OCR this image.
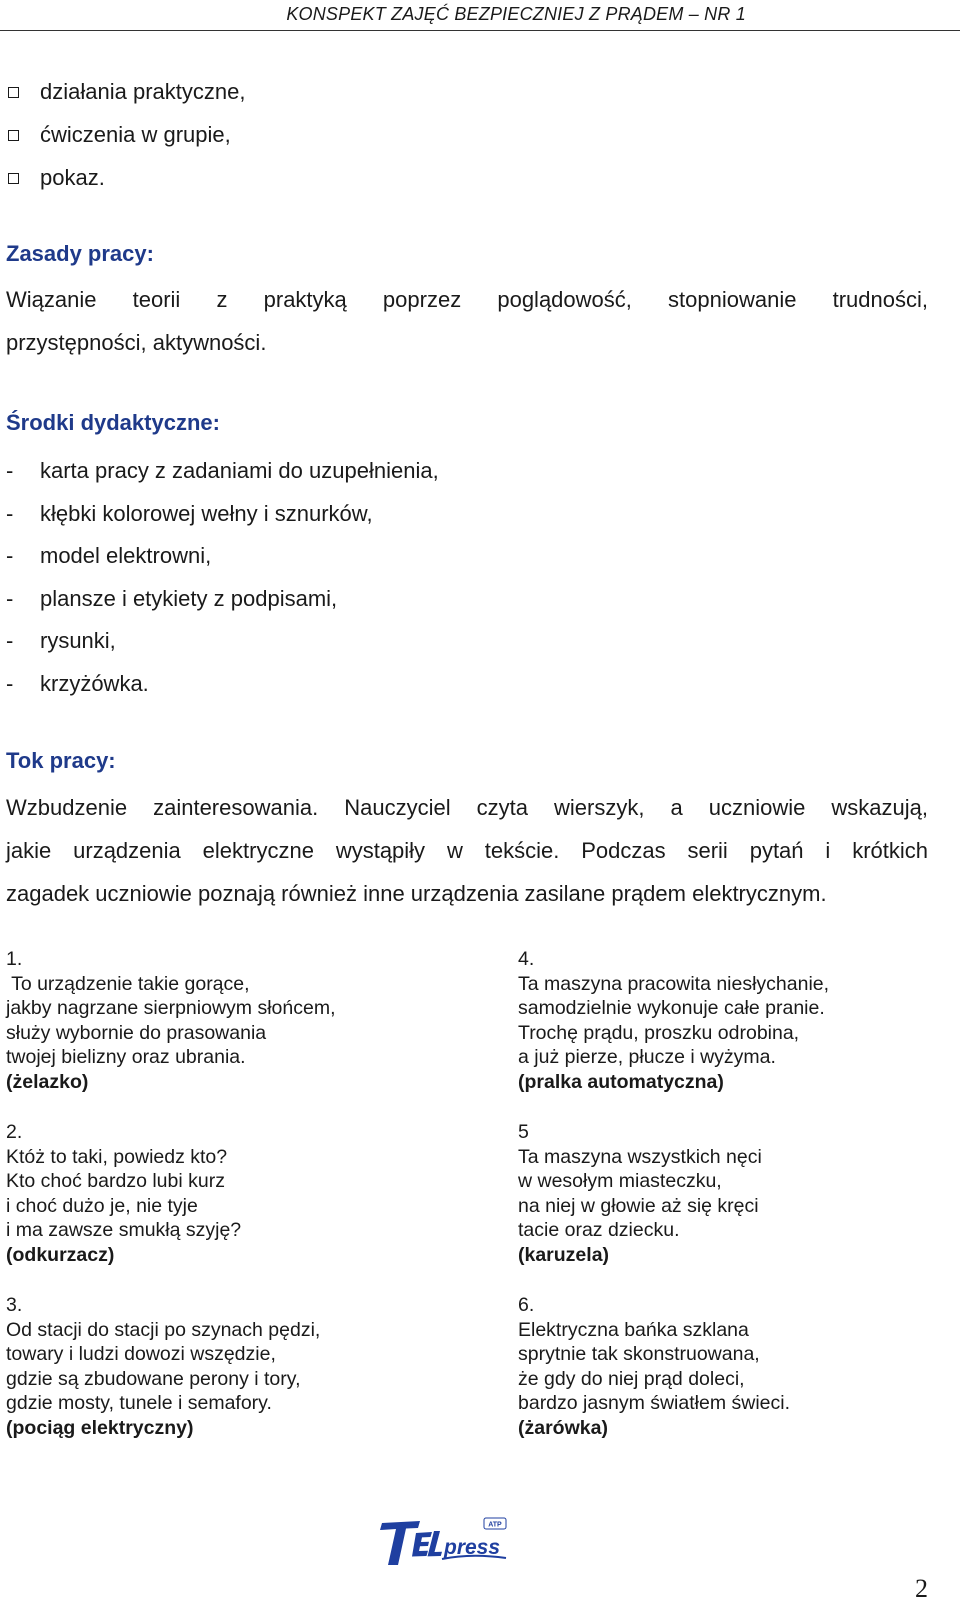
KONSPEKT ZAJĘĆ BEZPIECZNIEJ Z PRĄDEM – NR 1
działania praktyczne,
ćwiczenia w grupie,
pokaz.
Zasady pracy:
Wiązanie teorii z praktyką poprzez poglądowość, stopniowanie trudności,
przystępności, aktywności.
Środki dydaktyczne:
- karta pracy z zadaniami do uzupełnienia,
- kłębki kolorowej wełny i sznurków,
- model elektrowni,
- plansze i etykiety z podpisami,
- rysunki,
- krzyżówka.
Tok pracy:
Wzbudzenie zainteresowania. Nauczyciel czyta wierszyk, a uczniowie wskazują,
jakie urządzenia elektryczne wystąpiły w tekście. Podczas serii pytań i krótkich
zagadek uczniowie poznają również inne urządzenia zasilane prądem elektrycznym.
1.
To urządzenie takie gorące,
jakby nagrzane sierpniowym słońcem,
służy wybornie do prasowania
twojej bielizny oraz ubrania.
(żelazko)
2.
Któż to taki, powiedz kto?
Kto choć bardzo lubi kurz
i choć dużo je, nie tyje
i ma zawsze smukłą szyję?
(odkurzacz)
3.
Od stacji do stacji po szynach pędzi,
towary i ludzi dowozi wszędzie,
gdzie są zbudowane perony i tory,
gdzie mosty, tunele i semafory.
(pociąg elektryczny)
4.
Ta maszyna pracowita niesłychanie,
samodzielnie wykonuje całe pranie.
Trochę prądu, proszku odrobina,
a już pierze, płucze i wyżyma.
(pralka automatyczna)
5
Ta maszyna wszystkich nęci
w wesołym miasteczku,
na niej w głowie aż się kręci
tacie oraz dziecku.
(karuzela)
6.
Elektryczna bańka szklana
sprytnie tak skonstruowana,
że gdy do niej prąd doleci,
bardzo jasnym światłem świeci.
(żarówka)
press
ATP
2
